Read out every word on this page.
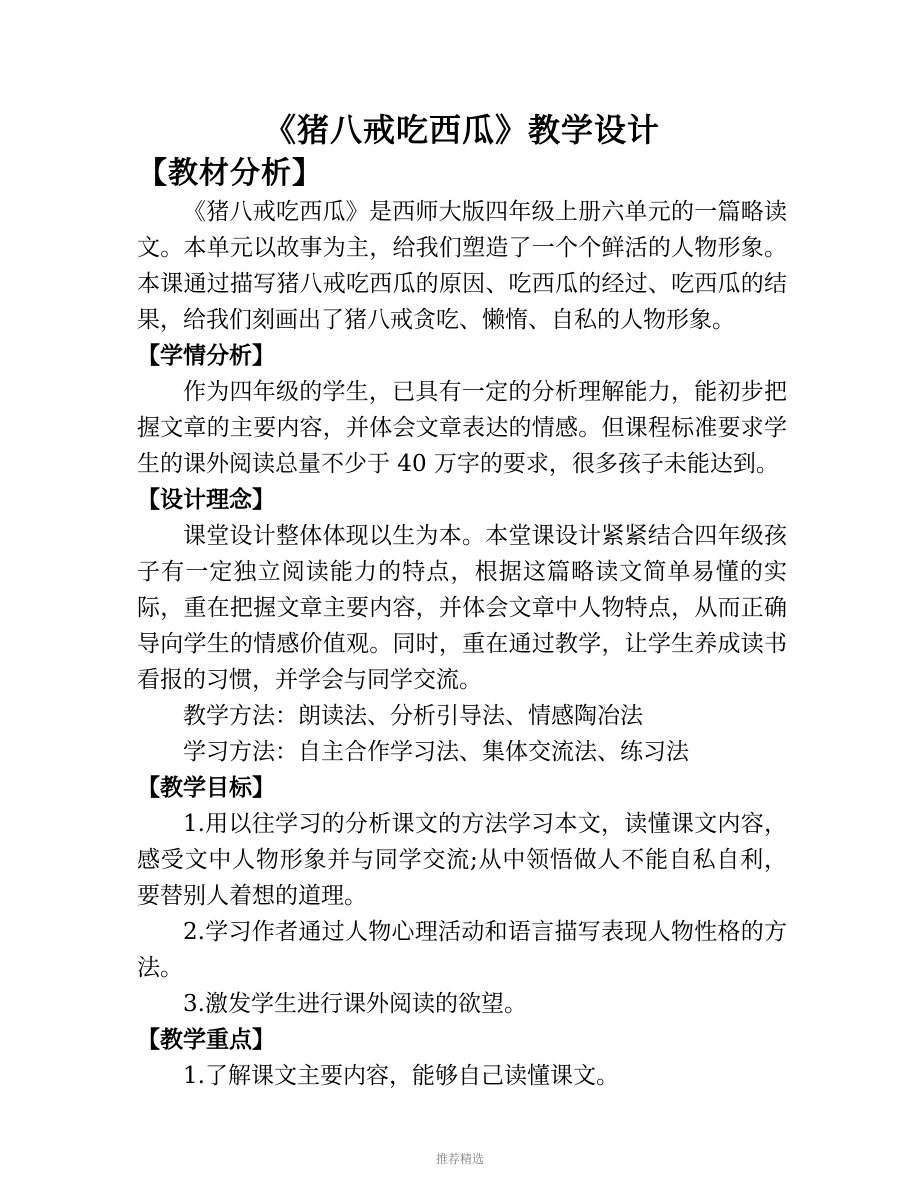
《猪八戒吃西瓜》教学设计
【教材分析】

《猪八戒吃西瓜》是西师大版四年级上册六单元的一篇略读文。本单元以故事为主，给我们塑造了一个个鲜活的人物形象。本课通过描写猪八戒吃西瓜的原因、吃西瓜的经过、吃西瓜的结果，给我们刻画出了猪八戒贪吃、懒惰、自私的人物形象。

【学情分析】

作为四年级的学生，已具有一定的分析理解能力，能初步把握文章的主要内容，并体会文章表达的情感。但课程标准要求学生的课外阅读总量不少于 40 万字的要求，很多孩子未能达到。

【设计理念】

课堂设计整体体现以生为本。本堂课设计紧紧结合四年级孩子有一定独立阅读能力的特点，根据这篇略读文简单易懂的实际，重在把握文章主要内容，并体会文章中人物特点，从而正确导向学生的情感价值观。同时，重在通过教学，让学生养成读书看报的习惯，并学会与同学交流。

教学方法：朗读法、分析引导法、情感陶冶法

学习方法：自主合作学习法、集体交流法、练习法

【教学目标】

1.用以往学习的分析课文的方法学习本文，读懂课文内容，感受文中人物形象并与同学交流;从中领悟做人不能自私自利，要替别人着想的道理。

2.学习作者通过人物心理活动和语言描写表现人物性格的方法。

3.激发学生进行课外阅读的欲望。

【教学重点】

1.了解课文主要内容，能够自己读懂课文。

推荐精选
